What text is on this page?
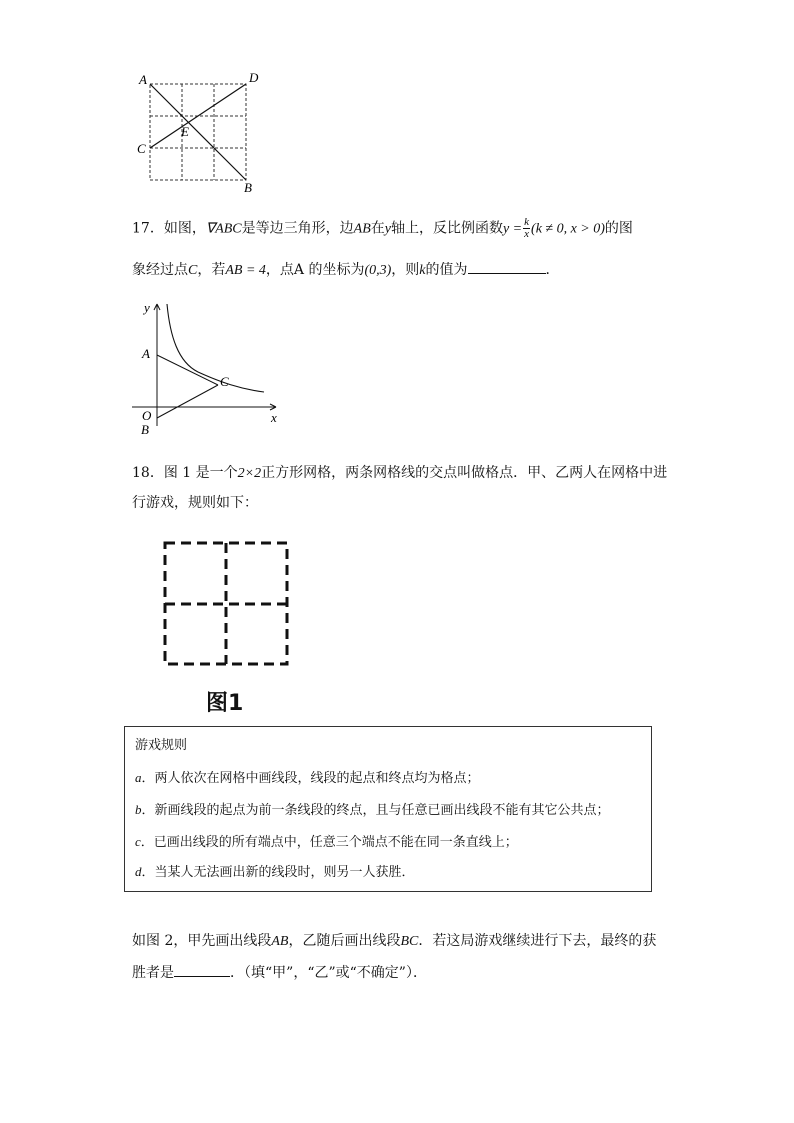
A	D
E
C
B
17．如图，∇ABC是等边三角形，边AB在y轴上，反比例函数$y = \frac{k}{x} (k \ne 0$, x > 0)的图
象经过点C，若AB = 4，点A 的坐标为(0,3)，则k的值为	．
y
A
C
O
B
x
18．图 1 是一个2×2正方形网格，两条网格线的交点叫做格点．甲、乙两人在网格中进
行游戏，规则如下：
图1
游戏规则
a．两人依次在网格中画线段，线段的起点和终点均为格点；
b．新画线段的起点为前一条线段的终点，且与任意已画出线段不能有其它公共点；
c．已画出线段的所有端点中，任意三个端点不能在同一条直线上；
d．当某人无法画出新的线段时，则另一人获胜．
如图 2，甲先画出线段AB，乙随后画出线段BC．若这局游戏继续进行下去，最终的获
胜者是	．（填“甲”，“乙”或“不确定”）．
